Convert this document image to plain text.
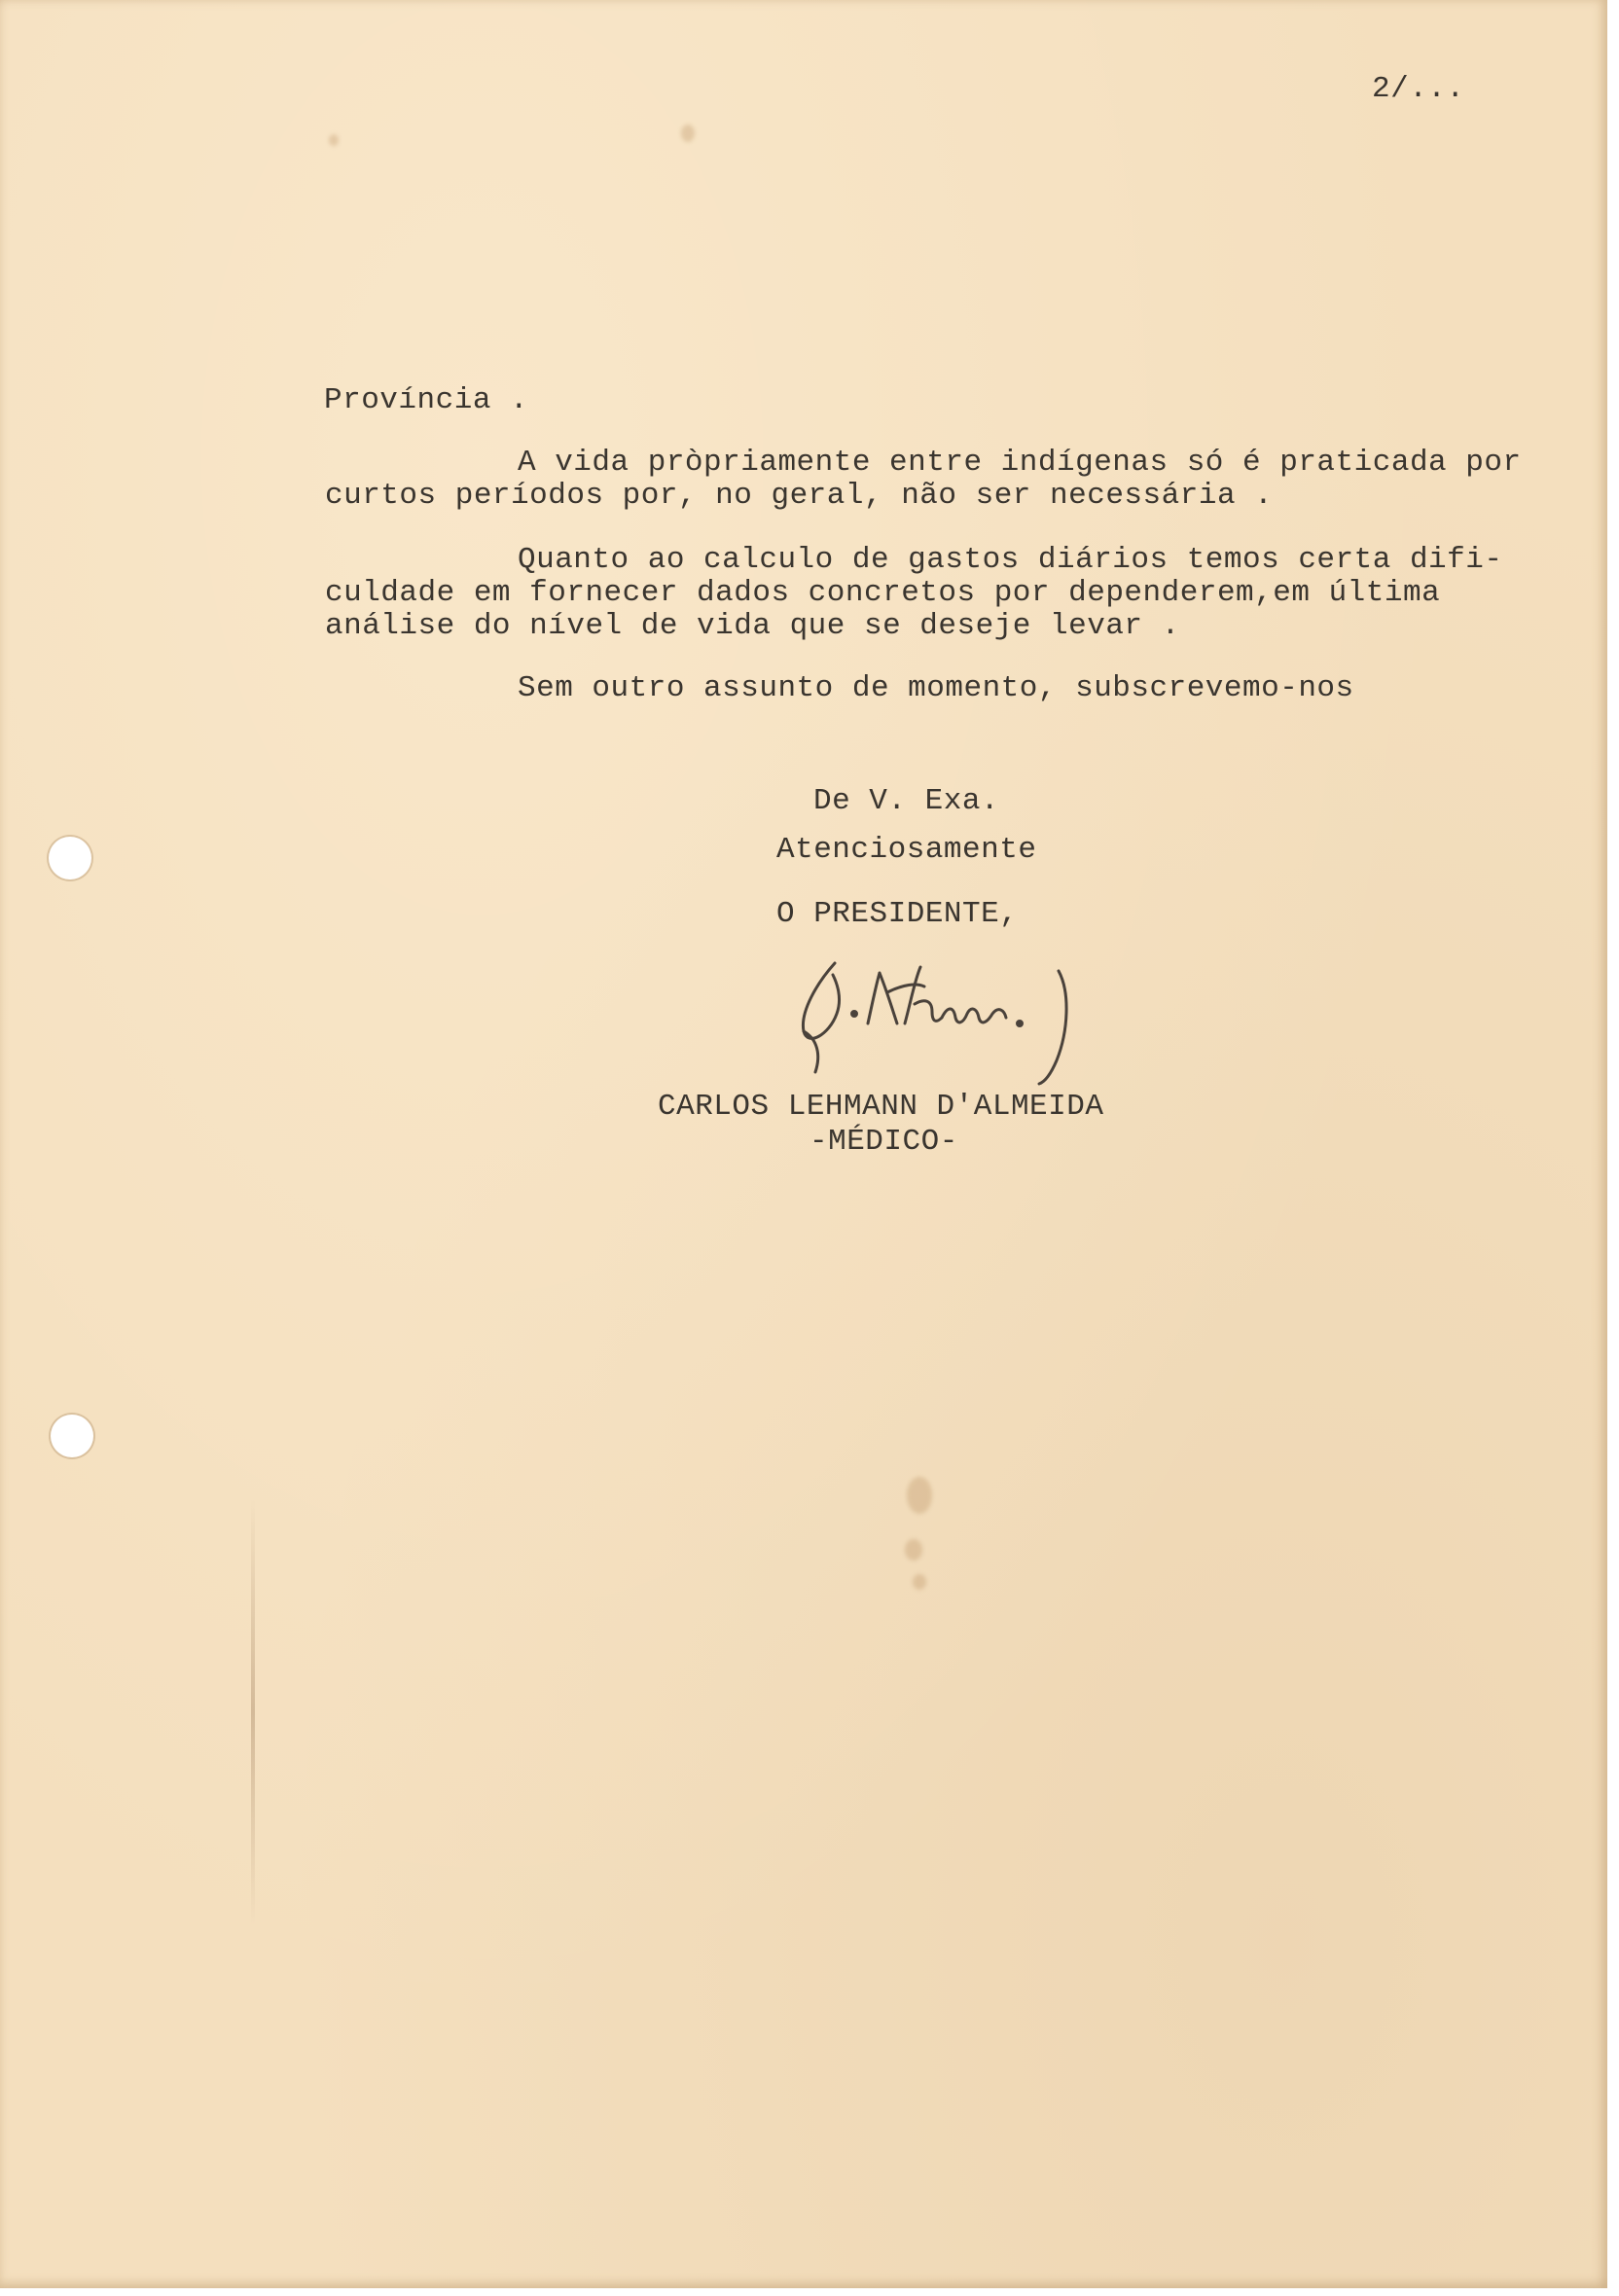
2/...
Província .
A vida pròpriamente entre indígenas só é praticada por
curtos períodos por, no geral, não ser necessária .
Quanto ao calculo de gastos diários temos certa difi-
culdade em fornecer dados concretos por dependerem,em última
análise do nível de vida que se deseje levar .
Sem outro assunto de momento, subscrevemo-nos
De V. Exa.
Atenciosamente
O PRESIDENTE,
CARLOS LEHMANN D'ALMEIDA
-MÉDICO-
